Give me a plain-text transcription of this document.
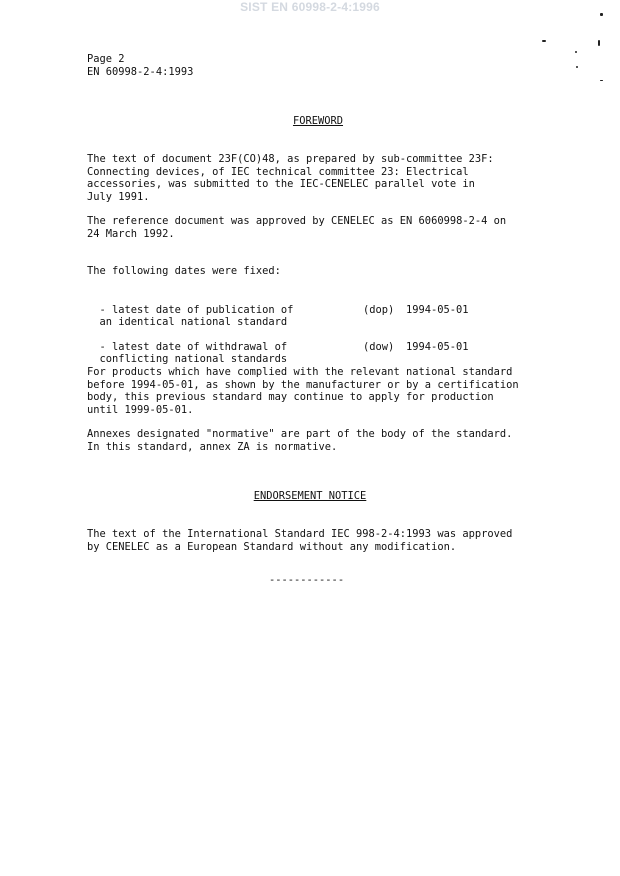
SIST EN 60998-2-4:1996
Page 2
EN 60998-2-4:1993
FOREWORD
The text of document 23F(CO)48, as prepared by sub-committee 23F:
Connecting devices, of IEC technical committee 23: Electrical
accessories, was submitted to the IEC-CENELEC parallel vote in
July 1991.
The reference document was approved by CENELEC as EN 6060998-2-4 on
24 March 1992.
The following dates were fixed:

- latest date of publication of
an identical national standard

(dop)

1994-05-01

- latest date of withdrawal of
conflicting national standards

(dow)

1994-05-01

For products which have complied with the relevant national standard
before 1994-05-01, as shown by the manufacturer or by a certification
body, this previous standard may continue to apply for production
until 1999-05-01.
Annexes designated "normative" are part of the body of the standard.
In this standard, annex ZA is normative.
ENDORSEMENT NOTICE
The text of the International Standard IEC 998-2-4:1993 was approved
by CENELEC as a European Standard without any modification.
------------
